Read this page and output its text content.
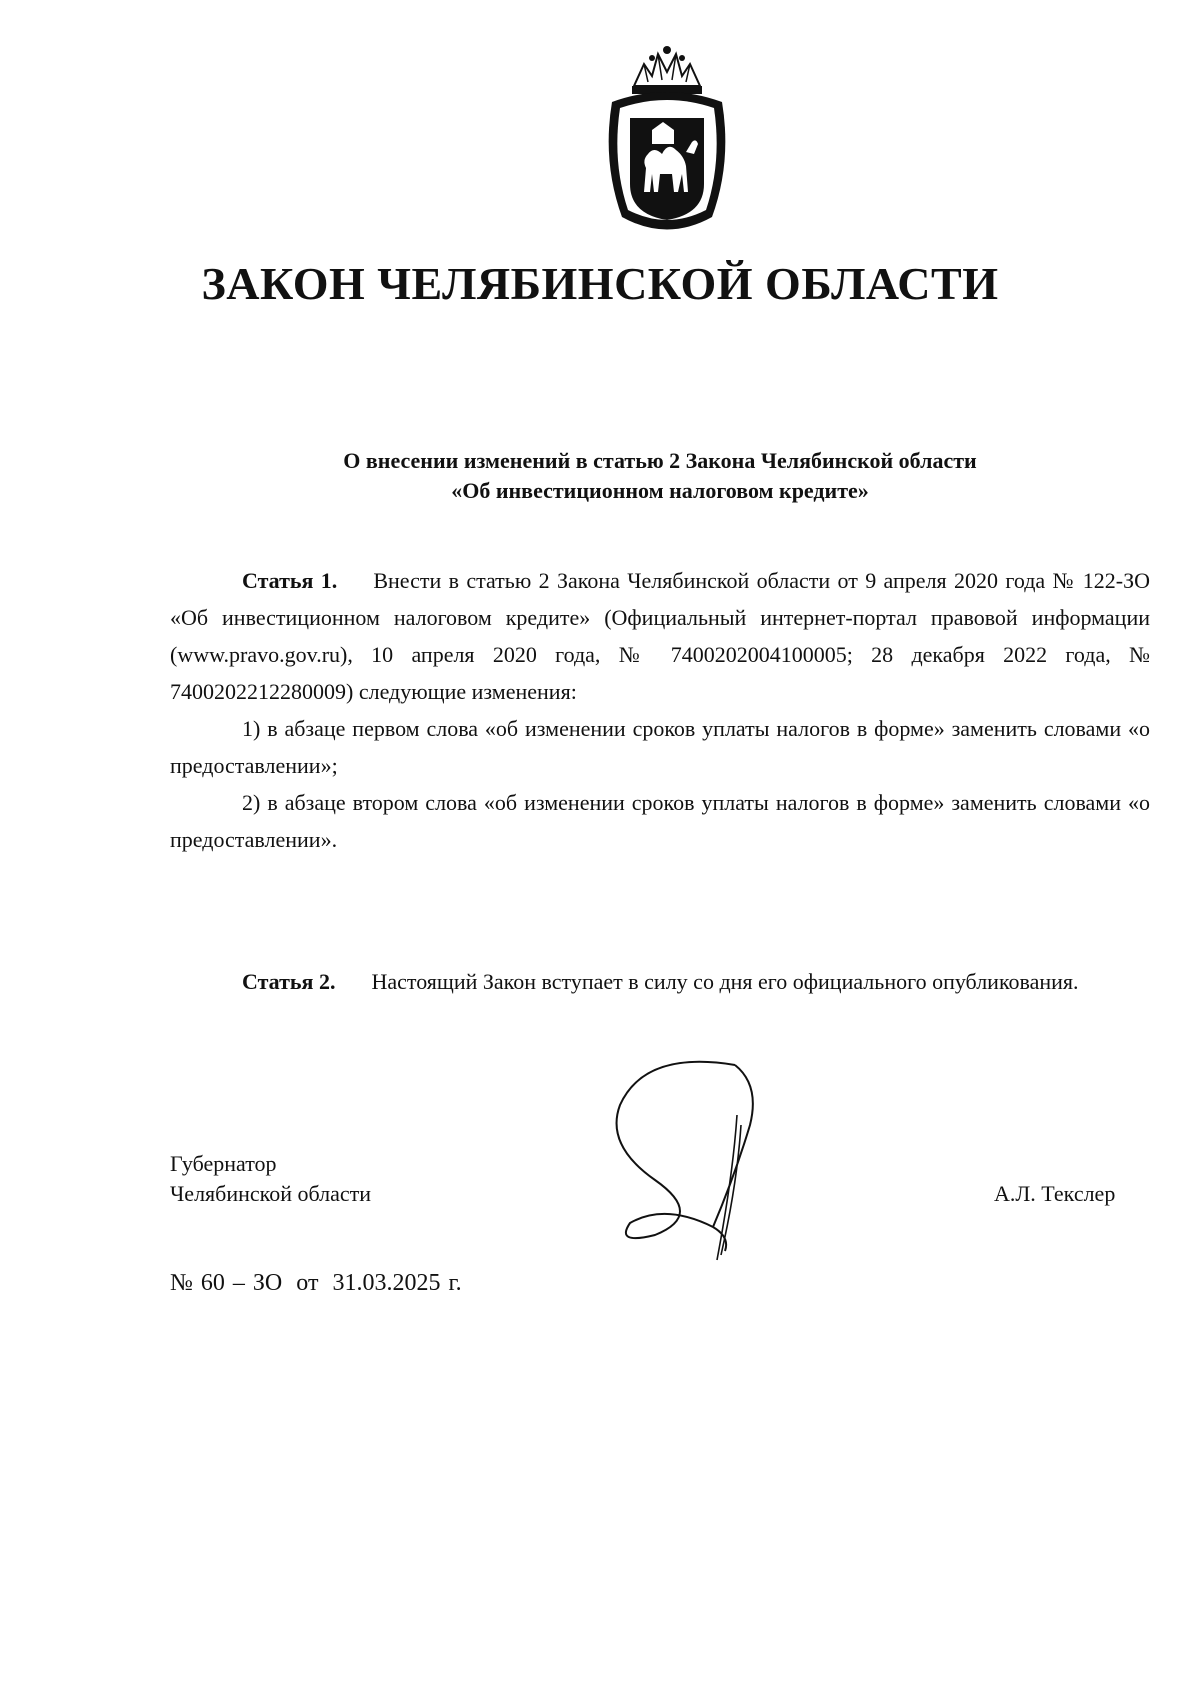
ЗАКОН ЧЕЛЯБИНСКОЙ ОБЛАСТИ
О внесении изменений в статью 2 Закона Челябинской области
«Об инвестиционном налоговом кредите»

Статья 1. Внести в статью 2 Закона Челябинской области от 9 апреля 2020 года № 122-ЗО «Об инвестиционном налоговом кредите» (Официальный интернет-портал правовой информации (www.pravo.gov.ru), 10 апреля 2020 года, № 7400202004100005; 28 декабря 2022 года, № 7400202212280009) следующие изменения:

1) в абзаце первом слова «об изменении сроков уплаты налогов в форме» заменить словами «о предоставлении»;

2) в абзаце втором слова «об изменении сроков уплаты налогов в форме» заменить словами «о предоставлении».

Статья 2. Настоящий Закон вступает в силу со дня его официального опубликования.

Губернатор
Челябинской области	А.Л. Текслер
№ 60 – ЗО от 31.03.2025 г.
